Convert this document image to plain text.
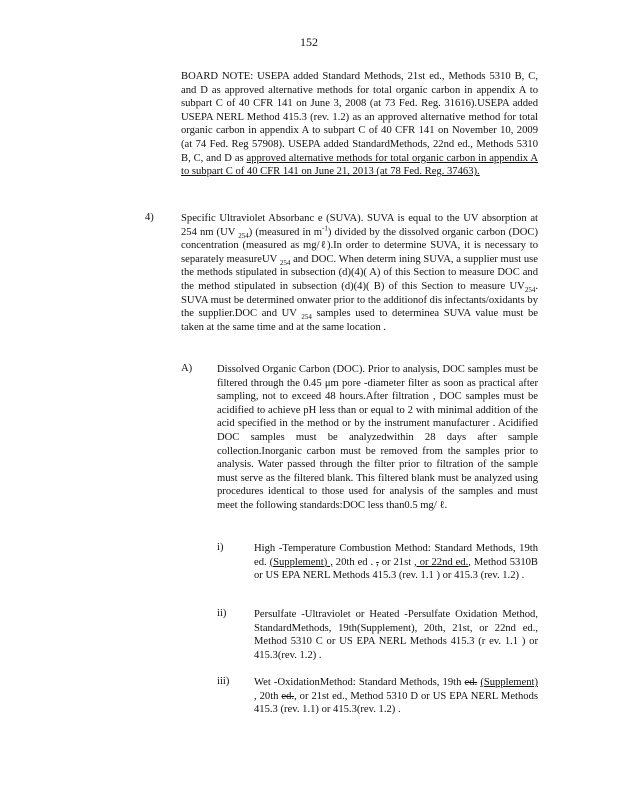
152
BOARD NOTE: USEPA added Standard Methods, 21st ed., Methods 5310 B, C, and D as approved alternative methods for total organic carbon in appendix A to subpart C of 40 CFR 141 on June 3, 2008 (at 73 Fed. Reg. 31616).USEPA added USEPA NERL Method 415.3 (rev. 1.2) as an approved alternative method for total organic carbon in appendix A to subpart C of 40 CFR 141 on November 10, 2009 (at 74 Fed. Reg 57908). USEPA added StandardMethods, 22nd ed., Methods 5310 B, C, and D as approved alternative methods for total organic carbon in appendix A to subpart C of 40 CFR 141 on June 21, 2013 (at 78 Fed. Reg. 37463).
4)	Specific Ultraviolet Absorbanc e (SUVA). SUVA is equal to the UV absorption at 254 nm (UV $_{254}$) (measured in $m^{-1}$) divided by the dissolved organic carbon (DOC) concentration (measured as mg/ℓ).In order to determine SUVA, it is necessary to separately measureUV $_{254}$ and DOC. When determ ining SUVA, a supplier must use the methods stipulated in subsection (d)(4)( A) of this Section to measure DOC and the method stipulated in subsection (d)(4)( B) of this Section to measure $UV_{254}$. SUVA must be determined onwater prior to the additionof dis infectants/oxidants by the supplier.DOC and UV $_{254}$ samples used to determinea SUVA value must be taken at the same time and at the same location .
A) Dissolved Organic Carbon (DOC). Prior to analysis, DOC samples must be filtered through the 0.45 μm pore -diameter filter as soon as practical after sampling, not to exceed 48 hours.After filtration , DOC samples must be acidified to achieve pH less than or equal to 2 with minimal addition of the acid specified in the method or by the instrument manufacturer . Acidified DOC samples must be analyzedwithin 28 days after sample collection.Inorganic carbon must be removed from the samples prior to analysis. Water passed through the filter prior to filtration of the sample must serve as the filtered blank. This filtered blank must be analyzed using procedures identical to those used for analysis of the samples and must meet the following standards:DOC less than0.5 mg/ ℓ.
i)	High -Temperature Combustion Method: Standard Methods, 19th ed. (Supplement) , 20th ed . , or 21st , or 22nd ed., Method 5310B or US EPA NERL Methods 415.3 (rev. 1.1 ) or 415.3 (rev. 1.2) .
ii)	Persulfate -Ultraviolet or Heated -Persulfate Oxidation Method, StandardMethods, 19th(Supplement), 20th, 21st, or 22nd ed., Method 5310 C or US EPA NERL Methods 415.3 (r ev. 1.1 ) or 415.3(rev. 1.2) .
iii) Wet -OxidationMethod: Standard Methods, 19th ed. (Supplement) , 20th ed., or 21st ed., Method 5310 D or US EPA NERL Methods 415.3 (rev. 1.1) or 415.3(rev. 1.2) .
